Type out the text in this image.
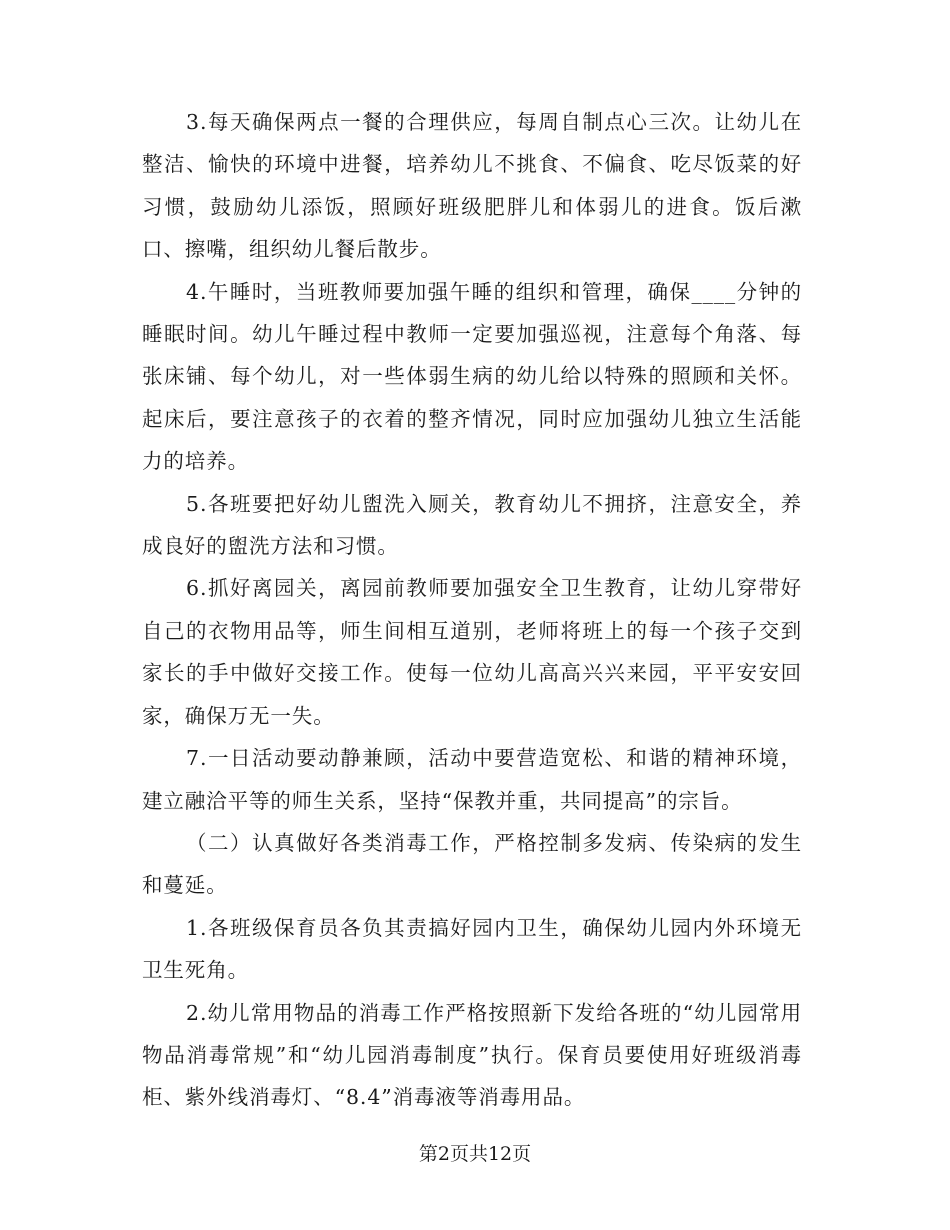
3.每天确保两点一餐的合理供应，每周自制点心三次。让幼儿在整洁、愉快的环境中进餐，培养幼儿不挑食、不偏食、吃尽饭菜的好习惯，鼓励幼儿添饭，照顾好班级肥胖儿和体弱儿的进食。饭后漱口、擦嘴，组织幼儿餐后散步。

4.午睡时，当班教师要加强午睡的组织和管理，确保____分钟的睡眠时间。幼儿午睡过程中教师一定要加强巡视，注意每个角落、每张床铺、每个幼儿，对一些体弱生病的幼儿给以特殊的照顾和关怀。起床后，要注意孩子的衣着的整齐情况，同时应加强幼儿独立生活能力的培养。

5.各班要把好幼儿盥洗入厕关，教育幼儿不拥挤，注意安全，养成良好的盥洗方法和习惯。

6.抓好离园关，离园前教师要加强安全卫生教育，让幼儿穿带好自己的衣物用品等，师生间相互道别，老师将班上的每一个孩子交到家长的手中做好交接工作。使每一位幼儿高高兴兴来园，平平安安回家，确保万无一失。

7.一日活动要动静兼顾，活动中要营造宽松、和谐的精神环境，建立融洽平等的师生关系，坚持“保教并重，共同提高”的宗旨。

（二）认真做好各类消毒工作，严格控制多发病、传染病的发生和蔓延。

1.各班级保育员各负其责搞好园内卫生，确保幼儿园内外环境无卫生死角。

2.幼儿常用物品的消毒工作严格按照新下发给各班的“幼儿园常用物品消毒常规”和“幼儿园消毒制度”执行。保育员要使用好班级消毒柜、紫外线消毒灯、“8.4”消毒液等消毒用品。

第2页共12页
